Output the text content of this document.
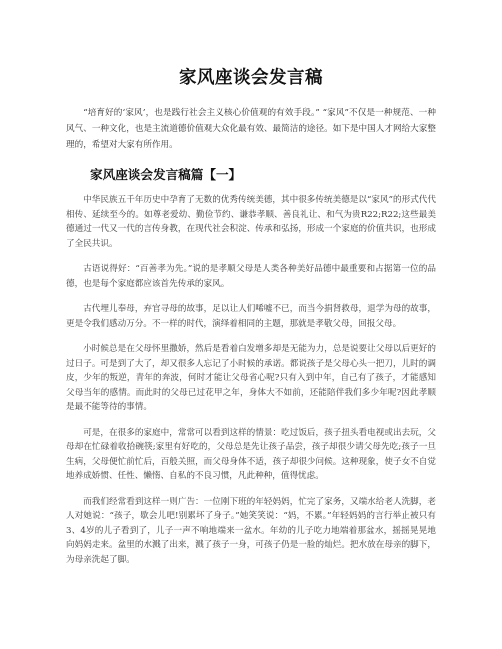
家风座谈会发言稿

“培育好的‘家风’，也是践行社会主义核心价值观的有效手段。” “家风”不仅是一种规范、一种风气、一种文化，也是主流道德价值观大众化最有效、最简洁的途径。如下是中国人才网给大家整理的，希望对大家有所作用。

家风座谈会发言稿篇【一】

中华民族五千年历史中孕育了无数的优秀传统美德，其中很多传统美德是以“家风”的形式代代相传、延续至今的。如尊老爱幼、勤俭节约、谦恭孝顺、善良礼让、和气为贵R22;R22;这些最美德通过一代又一代的言传身教，在现代社会积淀、传承和弘扬，形成一个家庭的价值共识，也形成了全民共识。

古语说得好：“百善孝为先。”说的是孝顺父母是人类各种美好品德中最重要和占据第一位的品德，也是每个家庭都应该首先传承的家风。

古代埋儿奉母，弃官寻母的故事，足以让人们唏嘘不已，而当今捐肾救母，退学为母的故事，更是令我们感动万分。不一样的时代，演绎着相同的主题，那就是孝敬父母，回报父母。

小时候总是在父母怀里撒娇，然后是看着白发增多却是无能为力，总是说要让父母以后更好的过日子。可是到了大了，却又很多人忘记了小时候的承诺。都说孩子是父母心头一把刀，儿时的调皮，少年的叛逆，青年的奔波，何时才能让父母省心呢?只有入到中年，自己有了孩子，才能感知父母当年的感情。而此时的父母已过花甲之年，身体大不如前，还能陪伴我们多少年呢?因此孝顺是最不能等待的事情。

可是，在很多的家庭中，常常可以看到这样的情景：吃过饭后，孩子扭头看电视或出去玩，父母却在忙碌着收拾碗筷;家里有好吃的，父母总是先让孩子品尝，孩子却很少请父母先吃;孩子一旦生病，父母便忙前忙后，百般关照，而父母身体不适，孩子却很少问候。这种现象，使子女不自觉地养成娇惯、任性、懒惰、自私的不良习惯，凡此种种，值得忧虑。

而我们经常看到这样一则广告：一位刚下班的年轻妈妈，忙完了家务，又端水给老人洗脚，老人对她说：“孩子，歇会儿吧!别累坏了身子。”她笑笑说：“妈，不累。”年轻妈妈的言行举止被只有3、4岁的儿子看到了，儿子一声不响地端来一盆水。年幼的儿子吃力地端着那盆水，摇摇晃晃地向妈妈走来。盆里的水溅了出来，溅了孩子一身，可孩子仍是一脸的灿烂。把水放在母亲的脚下，为母亲洗起了脚。
